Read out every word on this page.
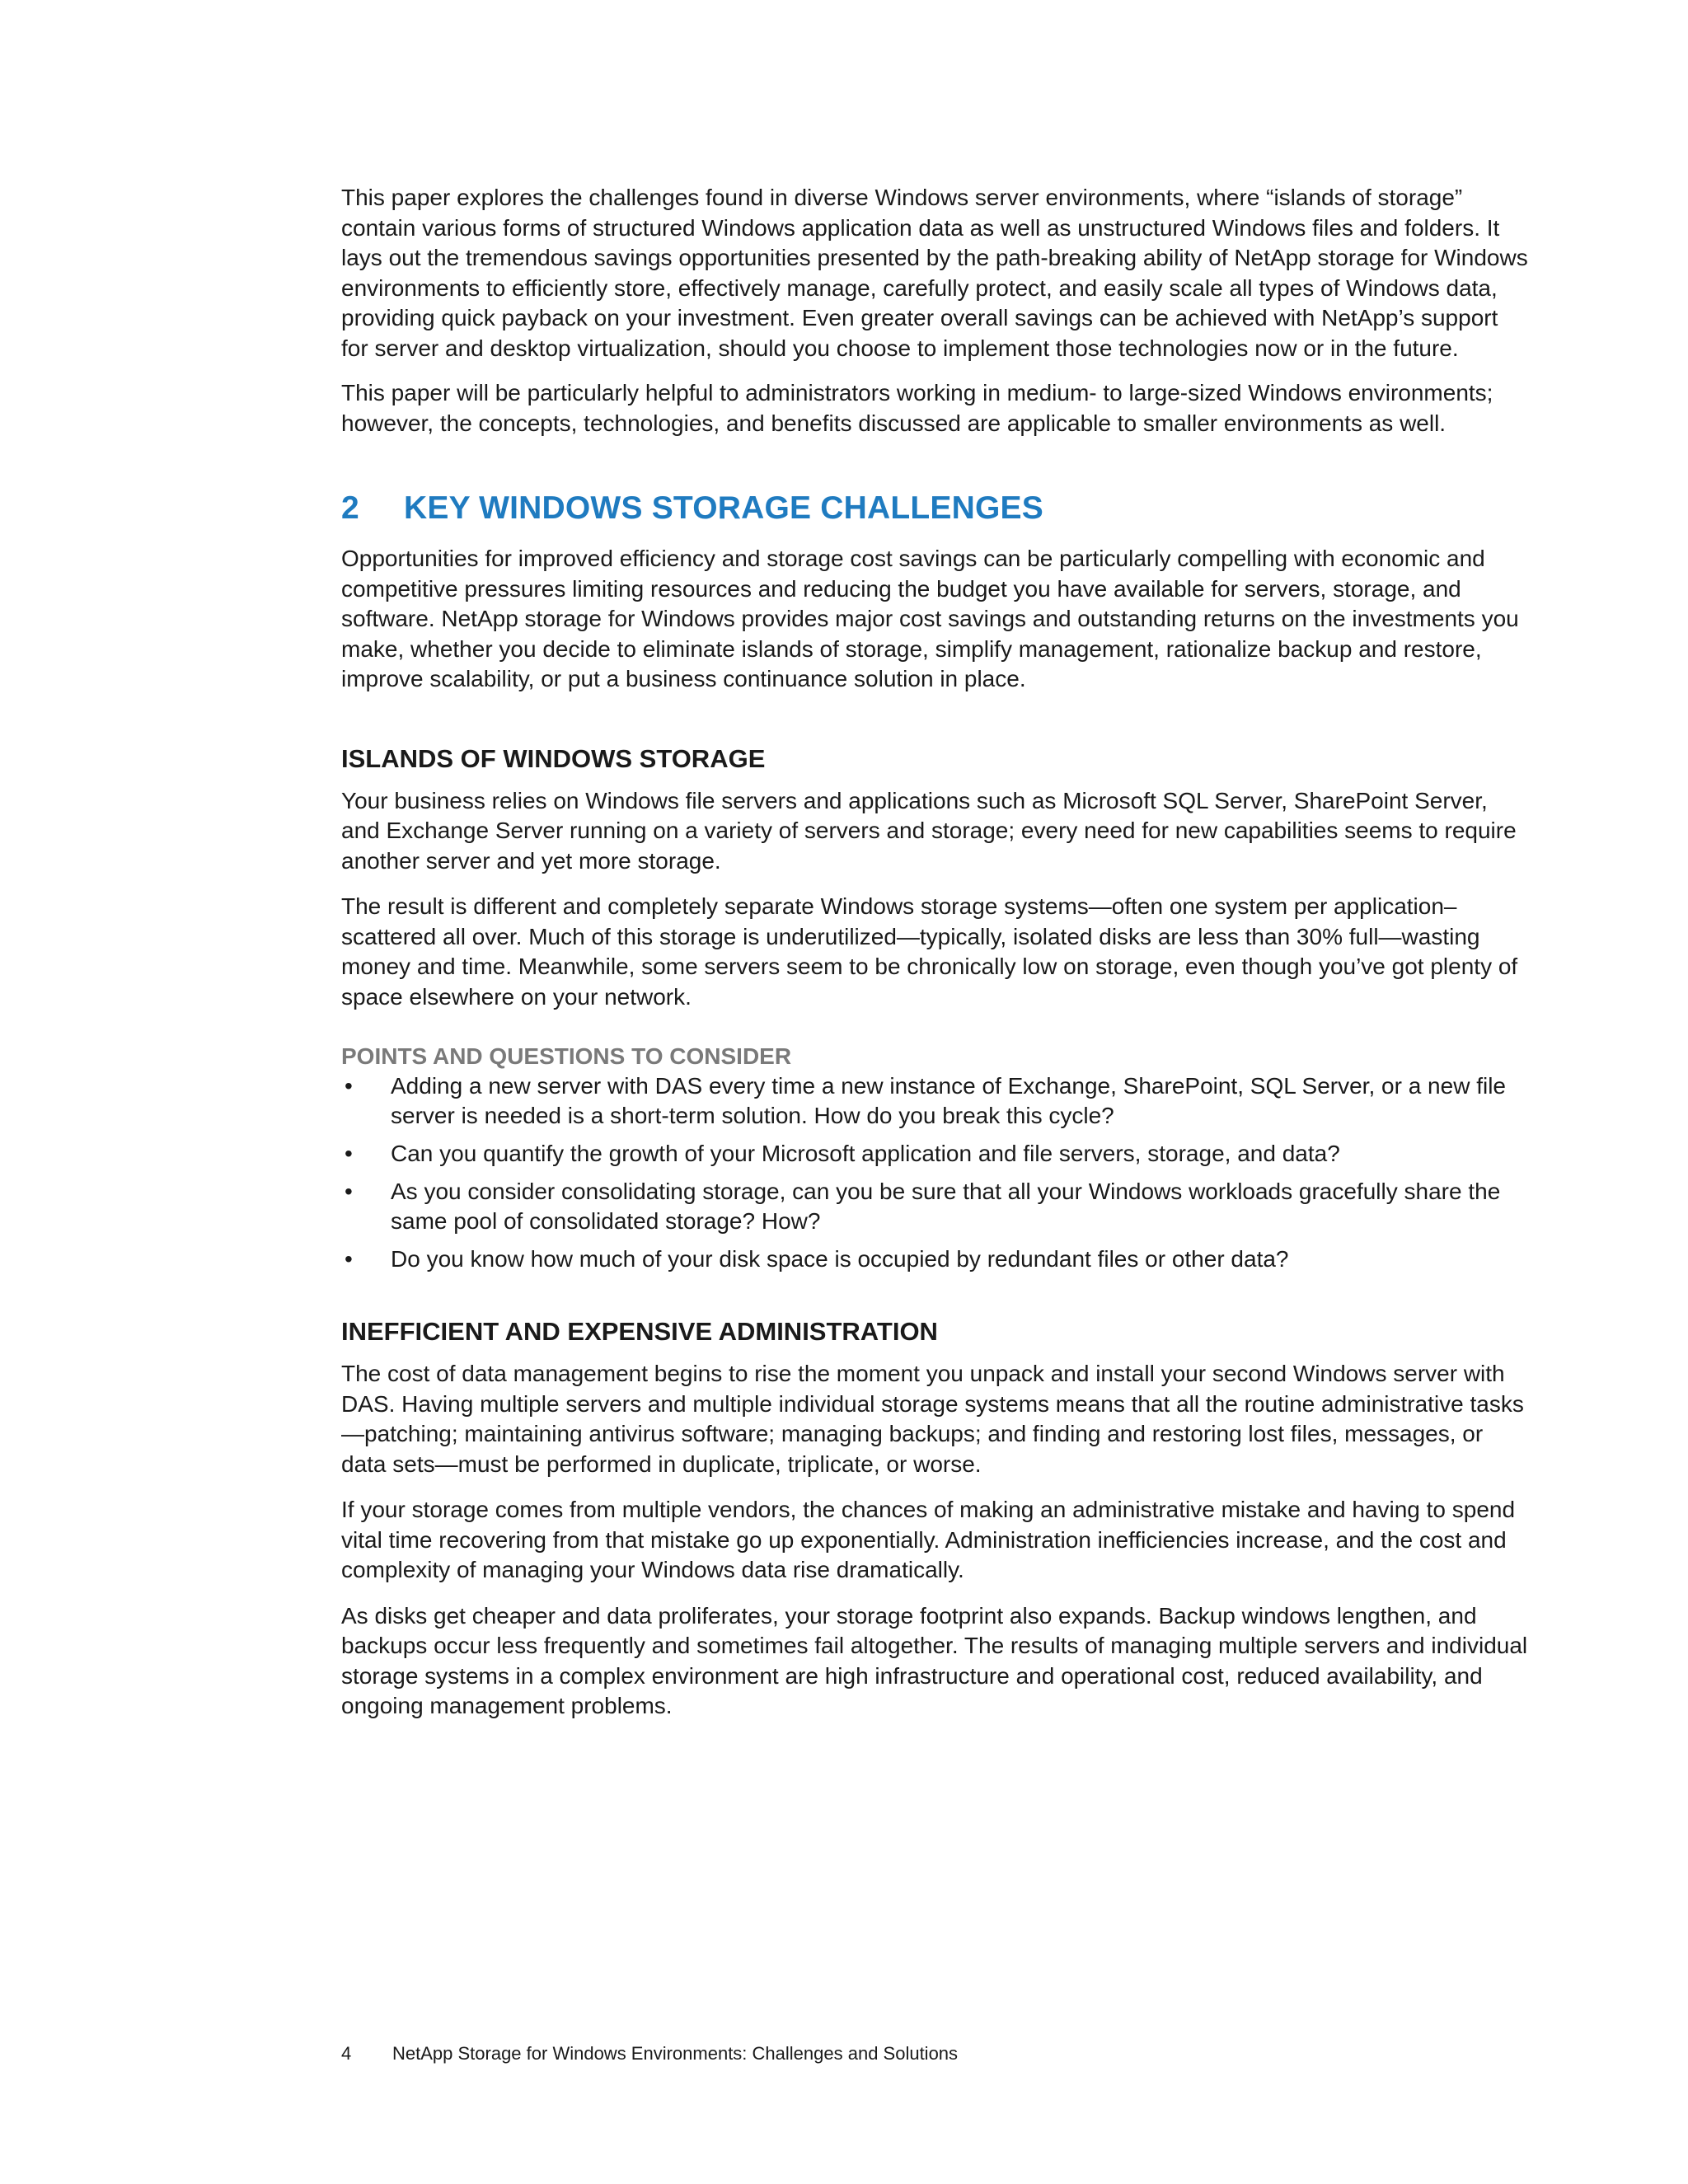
This paper explores the challenges found in diverse Windows server environments, where “islands of storage” contain various forms of structured Windows application data as well as unstructured Windows files and folders. It lays out the tremendous savings opportunities presented by the path-breaking ability of NetApp storage for Windows environments to efficiently store, effectively manage, carefully protect, and easily scale all types of Windows data, providing quick payback on your investment. Even greater overall savings can be achieved with NetApp’s support for server and desktop virtualization, should you choose to implement those technologies now or in the future.

This paper will be particularly helpful to administrators working in medium- to large-sized Windows environments; however, the concepts, technologies, and benefits discussed are applicable to smaller environments as well.

2 KEY WINDOWS STORAGE CHALLENGES

Opportunities for improved efficiency and storage cost savings can be particularly compelling with economic and competitive pressures limiting resources and reducing the budget you have available for servers, storage, and software. NetApp storage for Windows provides major cost savings and outstanding returns on the investments you make, whether you decide to eliminate islands of storage, simplify management, rationalize backup and restore, improve scalability, or put a business continuance solution in place.

ISLANDS OF WINDOWS STORAGE

Your business relies on Windows file servers and applications such as Microsoft SQL Server, SharePoint Server, and Exchange Server running on a variety of servers and storage; every need for new capabilities seems to require another server and yet more storage.

The result is different and completely separate Windows storage systems—often one system per application–scattered all over. Much of this storage is underutilized—typically, isolated disks are less than 30% full—wasting money and time. Meanwhile, some servers seem to be chronically low on storage, even though you’ve got plenty of space elsewhere on your network.

POINTS AND QUESTIONS TO CONSIDER
• Adding a new server with DAS every time a new instance of Exchange, SharePoint, SQL Server, or a new file server is needed is a short-term solution. How do you break this cycle?
• Can you quantify the growth of your Microsoft application and file servers, storage, and data?
• As you consider consolidating storage, can you be sure that all your Windows workloads gracefully share the same pool of consolidated storage? How?
• Do you know how much of your disk space is occupied by redundant files or other data?
INEFFICIENT AND EXPENSIVE ADMINISTRATION

The cost of data management begins to rise the moment you unpack and install your second Windows server with DAS. Having multiple servers and multiple individual storage systems means that all the routine administrative tasks—patching; maintaining antivirus software; managing backups; and finding and restoring lost files, messages, or data sets—must be performed in duplicate, triplicate, or worse.

If your storage comes from multiple vendors, the chances of making an administrative mistake and having to spend vital time recovering from that mistake go up exponentially. Administration inefficiencies increase, and the cost and complexity of managing your Windows data rise dramatically.

As disks get cheaper and data proliferates, your storage footprint also expands. Backup windows lengthen, and backups occur less frequently and sometimes fail altogether. The results of managing multiple servers and individual storage systems in a complex environment are high infrastructure and operational cost, reduced availability, and ongoing management problems.

4 NetApp Storage for Windows Environments: Challenges and Solutions
